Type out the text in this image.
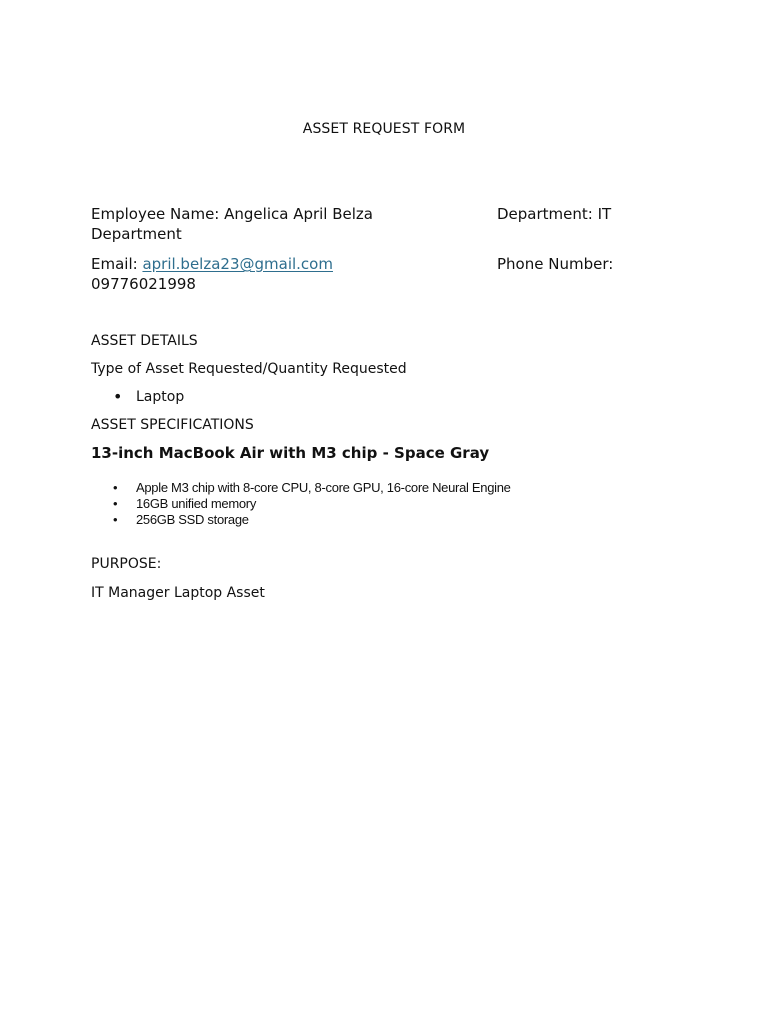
ASSET REQUEST FORM
Employee Name: Angelica April Belza	Department: IT
Department
Email: april.belza23@gmail.com	Phone Number:
09776021998
ASSET DETAILS
Type of Asset Requested/Quantity Requested
• Laptop
ASSET SPECIFICATIONS
13-inch MacBook Air with M3 chip - Space Gray
• Apple M3 chip with 8-core CPU, 8-core GPU, 16-core Neural Engine
• 16GB unified memory
• 256GB SSD storage
PURPOSE:
IT Manager Laptop Asset
